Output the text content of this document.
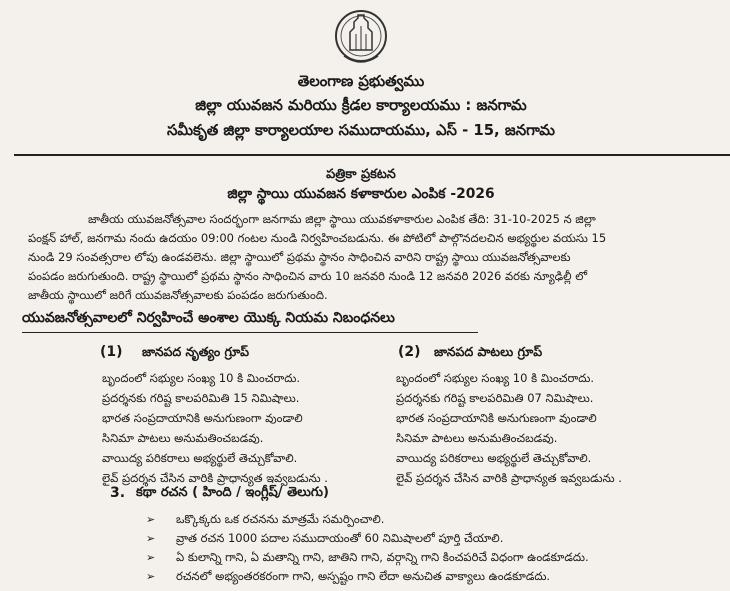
తెలంగాణ ప్రభుత్వము
జిల్లా యువజన మరియు క్రీడల కార్యాలయము : జనగామ
సమీకృత జిల్లా కార్యాలయాల సముదాయము, ఎస్ - 15, జనగామ
పత్రికా ప్రకటన
జిల్లా స్థాయి యువజన కళాకారుల ఎంపిక -2026
జాతీయ యువజనోత్సవాల సందర్భంగా జనగామ జిల్లా స్థాయి యువకళాకారుల ఎంపిక తేది: 31-10-2025 న జిల్లా
పంక్షన్ హాల్, జనగామ నందు ఉదయం 09:00 గంటల నుండి నిర్వహించబడును. ఈ పోటిలో పాల్గొనదలచిన అభ్యర్థుల వయసు 15
నుండి 29 సంవత్సరాల లోపు ఉండవలెను. జిల్లా స్థాయిలో ప్రథమ స్థానం సాధించిన వారిని రాష్ట్ర స్థాయి యువజనోత్సవాలకు
పంపడం జరుగుతుంది. రాష్ట్ర స్థాయిలో ప్రథమ స్థానం సాధించిన వారు 10 జనవరి నుండి 12 జనవరి 2026 వరకు న్యూఢిల్లీ లో
జాతీయ స్థాయిలో జరిగే యువజనోత్సవాలకు పంపడం జరుగుతుంది.
యువజనోత్సవాలలో నిర్వహించే అంశాల యొక్క నియమ నిబంధనలు
(1) జానపద నృత్యం గ్రూప్
బృందంలో సభ్యుల సంఖ్య 10 కి మించరాదు.
ప్రదర్శనకు గరిష్ట కాలపరిమితి 15 నిమిషాలు.
భారత సంప్రదాయానికి అనుగుణంగా వుండాలి
సినిమా పాటలు అనుమతించబడవు.
వాయిద్య పరికరాలు అభ్యర్థులే తెచ్చుకోవాలి.
లైవ్ ప్రదర్శన చేసిన వారికి ప్రాధాన్యత ఇవ్వబడును .
(2) జానపద పాటలు గ్రూప్
బృందంలో సభ్యుల సంఖ్య 10 కి మించరాదు.
ప్రదర్శనకు గరిష్ట కాలపరిమితి 07 నిమిషాలు.
భారత సంప్రదాయానికి అనుగుణంగా వుండాలి
సినిమా పాటలు అనుమతించబడవు.
వాయిద్య పరికరాలు అభ్యర్థులే తెచ్చుకోవాలి.
లైవ్ ప్రదర్శన చేసిన వారికి ప్రాధాన్యత ఇవ్వబడును .
3. కథా రచన ( హింది / ఇంగ్లీష్/ తెలుగు)
➢ ఒక్కొక్కరు ఒక రచనను మాత్రమే సమర్పించాలి.
➢ వ్రాత రచన 1000 పదాల సముదాయంతో 60 నిమిషాలలో పూర్తి చేయాలి.
➢ ఏ కులాన్ని గాని, ఏ మతాన్ని గాని, జాతిని గాని, వర్గాన్ని గాని కించపరిచే విధంగా ఉండకూడదు.
➢ రచనలో అభ్యంతరకరంగా గాని, అస్పష్టం గాని లేదా అనుచిత వాక్యాలు ఉండకూడదు.
